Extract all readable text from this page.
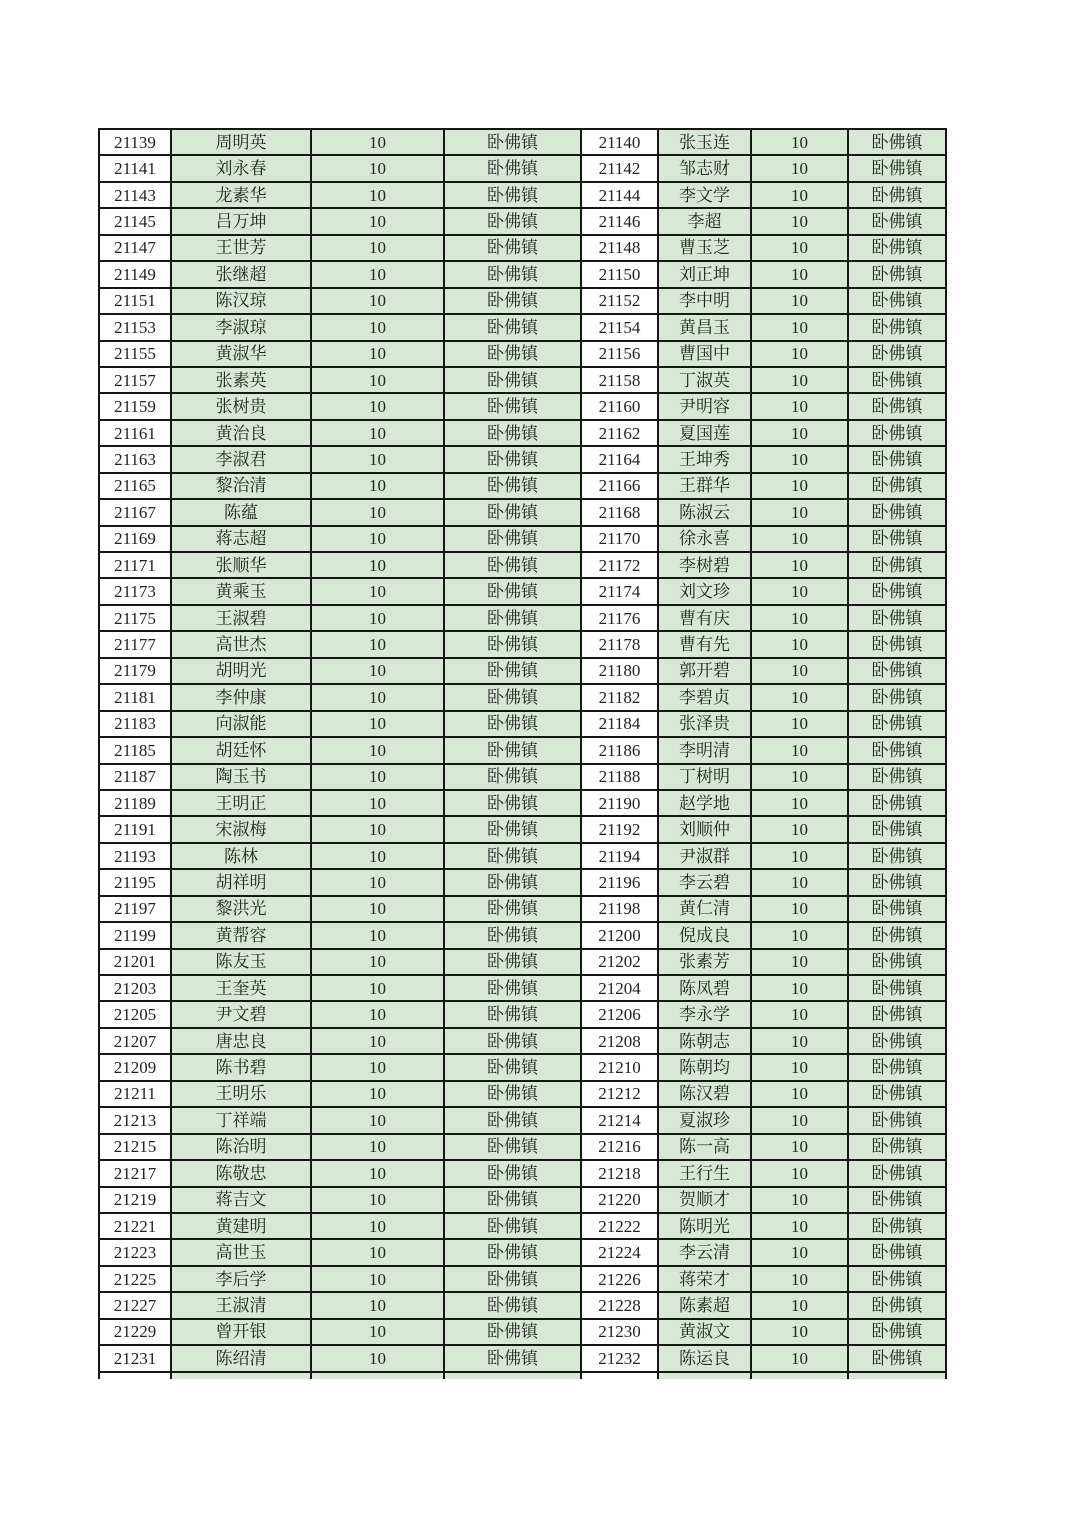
21139	周明英	10	卧佛镇	21140	张玉连	10	卧佛镇
21141	刘永春	10	卧佛镇	21142	邹志财	10	卧佛镇
21143	龙素华	10	卧佛镇	21144	李文学	10	卧佛镇
21145	吕万坤	10	卧佛镇	21146	李超	10	卧佛镇
21147	王世芳	10	卧佛镇	21148	曹玉芝	10	卧佛镇
21149	张继超	10	卧佛镇	21150	刘正坤	10	卧佛镇
21151	陈汉琼	10	卧佛镇	21152	李中明	10	卧佛镇
21153	李淑琼	10	卧佛镇	21154	黄昌玉	10	卧佛镇
21155	黄淑华	10	卧佛镇	21156	曹国中	10	卧佛镇
21157	张素英	10	卧佛镇	21158	丁淑英	10	卧佛镇
21159	张树贵	10	卧佛镇	21160	尹明容	10	卧佛镇
21161	黄治良	10	卧佛镇	21162	夏国莲	10	卧佛镇
21163	李淑君	10	卧佛镇	21164	王坤秀	10	卧佛镇
21165	黎治清	10	卧佛镇	21166	王群华	10	卧佛镇
21167	陈蕴	10	卧佛镇	21168	陈淑云	10	卧佛镇
21169	蒋志超	10	卧佛镇	21170	徐永喜	10	卧佛镇
21171	张顺华	10	卧佛镇	21172	李树碧	10	卧佛镇
21173	黄乘玉	10	卧佛镇	21174	刘文珍	10	卧佛镇
21175	王淑碧	10	卧佛镇	21176	曹有庆	10	卧佛镇
21177	高世杰	10	卧佛镇	21178	曹有先	10	卧佛镇
21179	胡明光	10	卧佛镇	21180	郭开碧	10	卧佛镇
21181	李仲康	10	卧佛镇	21182	李碧贞	10	卧佛镇
21183	向淑能	10	卧佛镇	21184	张泽贵	10	卧佛镇
21185	胡廷怀	10	卧佛镇	21186	李明清	10	卧佛镇
21187	陶玉书	10	卧佛镇	21188	丁树明	10	卧佛镇
21189	王明正	10	卧佛镇	21190	赵学地	10	卧佛镇
21191	宋淑梅	10	卧佛镇	21192	刘顺仲	10	卧佛镇
21193	陈林	10	卧佛镇	21194	尹淑群	10	卧佛镇
21195	胡祥明	10	卧佛镇	21196	李云碧	10	卧佛镇
21197	黎洪光	10	卧佛镇	21198	黄仁清	10	卧佛镇
21199	黄帮容	10	卧佛镇	21200	倪成良	10	卧佛镇
21201	陈友玉	10	卧佛镇	21202	张素芳	10	卧佛镇
21203	王奎英	10	卧佛镇	21204	陈凤碧	10	卧佛镇
21205	尹文碧	10	卧佛镇	21206	李永学	10	卧佛镇
21207	唐忠良	10	卧佛镇	21208	陈朝志	10	卧佛镇
21209	陈书碧	10	卧佛镇	21210	陈朝均	10	卧佛镇
21211	王明乐	10	卧佛镇	21212	陈汉碧	10	卧佛镇
21213	丁祥端	10	卧佛镇	21214	夏淑珍	10	卧佛镇
21215	陈治明	10	卧佛镇	21216	陈一高	10	卧佛镇
21217	陈敬忠	10	卧佛镇	21218	王行生	10	卧佛镇
21219	蒋吉文	10	卧佛镇	21220	贺顺才	10	卧佛镇
21221	黄建明	10	卧佛镇	21222	陈明光	10	卧佛镇
21223	高世玉	10	卧佛镇	21224	李云清	10	卧佛镇
21225	李后学	10	卧佛镇	21226	蒋荣才	10	卧佛镇
21227	王淑清	10	卧佛镇	21228	陈素超	10	卧佛镇
21229	曾开银	10	卧佛镇	21230	黄淑文	10	卧佛镇
21231	陈绍清	10	卧佛镇	21232	陈运良	10	卧佛镇
